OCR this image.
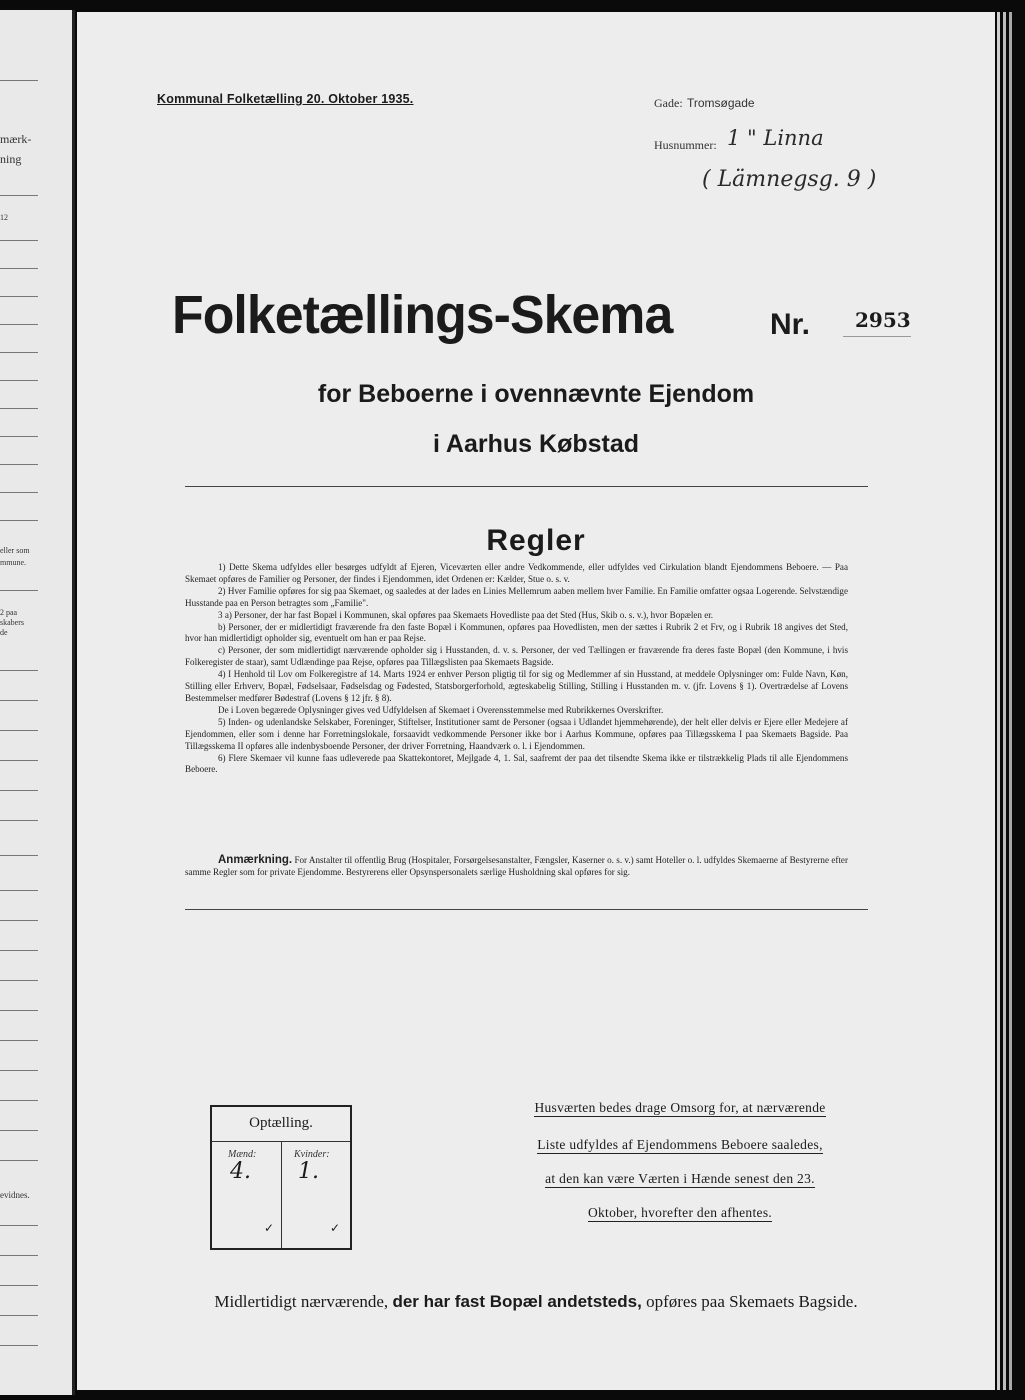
mærk-
ning
12
eller som
mmune.
2 paa
skabers
de
evidnes.
Kommunal Folketælling 20. Oktober 1935.	Gade: Tromsøgade
Husnummer: 1 " Linna
( Lämnegsg. 9 )
Folketællings-Skema	Nr. 2953
for Beboerne i ovennævnte Ejendom
i Aarhus Købstad
Regler

1) Dette Skema udfyldes eller besørges udfyldt af Ejeren, Viceværten eller andre Vedkommende, eller udfyldes ved Cirkulation blandt Ejendommens Beboere. — Paa Skemaet opføres de Familier og Personer, der findes i Ejendommen, idet Ordenen er: Kælder, Stue o. s. v.

2) Hver Familie opføres for sig paa Skemaet, og saaledes at der lades en Linies Mellemrum aaben mellem hver Familie. En Familie omfatter ogsaa Logerende. Selvstændige Husstande paa en Person betragtes som „Familie".

3 a) Personer, der har fast Bopæl i Kommunen, skal opføres paa Skemaets Hovedliste paa det Sted (Hus, Skib o. s. v.), hvor Bopælen er.

b) Personer, der er midlertidigt fraværende fra den faste Bopæl i Kommunen, opføres paa Hovedlisten, men der sættes i Rubrik 2 et Frv, og i Rubrik 18 angives det Sted, hvor han midlertidigt opholder sig, eventuelt om han er paa Rejse.

c) Personer, der som midlertidigt nærværende opholder sig i Husstanden, d. v. s. Personer, der ved Tællingen er fraværende fra deres faste Bopæl (den Kommune, i hvis Folkeregister de staar), samt Udlændinge paa Rejse, opføres paa Tillægslisten paa Skemaets Bagside.

4) I Henhold til Lov om Folkeregistre af 14. Marts 1924 er enhver Person pligtig til for sig og Medlemmer af sin Husstand, at meddele Oplysninger om: Fulde Navn, Køn, Stilling eller Erhverv, Bopæl, Fødselsaar, Fødselsdag og Fødested, Statsborgerforhold, ægteskabelig Stilling, Stilling i Husstanden m. v. (jfr. Lovens § 1). Overtrædelse af Lovens Bestemmelser medfører Bødestraf (Lovens § 12 jfr. § 8).

De i Loven begærede Oplysninger gives ved Udfyldelsen af Skemaet i Overensstemmelse med Rubrikkernes Overskrifter.

5) Inden- og udenlandske Selskaber, Foreninger, Stiftelser, Institutioner samt de Personer (ogsaa i Udlandet hjemmehørende), der helt eller delvis er Ejere eller Medejere af Ejendommen, eller som i denne har Forretningslokale, forsaavidt vedkommende Personer ikke bor i Aarhus Kommune, opføres paa Tillægsskema I paa Skemaets Bagside. Paa Tillægsskema II opføres alle indenbysboende Personer, der driver Forretning, Haandværk o. l. i Ejendommen.

6) Flere Skemaer vil kunne faas udleverede paa Skattekontoret, Mejlgade 4, 1. Sal, saafremt der paa det tilsendte Skema ikke er tilstrækkelig Plads til alle Ejendommens Beboere.

Anmærkning. For Anstalter til offentlig Brug (Hospitaler, Forsørgelsesanstalter, Fængsler, Kaserner o. s. v.) samt Hoteller o. l. udfyldes Skemaerne af Bestyrerne efter samme Regler som for private Ejendomme. Bestyrerens eller Opsynspersonalets særlige Husholdning skal opføres for sig.
Optælling.
Mænd:	Kvinder:
4. 1.
✓	✓
Husværten bedes drage Omsorg for, at nærværende
Liste udfyldes af Ejendommens Beboere saaledes,
at den kan være Værten i Hænde senest den 23.
Oktober, hvorefter den afhentes.
Midlertidigt nærværende, der har fast Bopæl andetsteds, opføres paa Skemaets Bagside.
